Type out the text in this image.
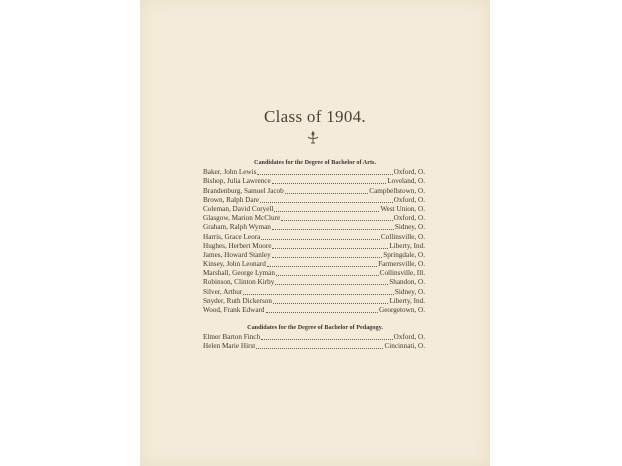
Class of 1904.
Candidates for the Degree of Bachelor of Arts.
Baker, John Lewis	Oxford, O.
Bishop, Julia Lawrence	Loveland, O.
Brandenburg, Samuel Jacob	Campbellstown, O.
Brown, Ralph Dare	Oxford, O.
Coleman, David Coryell	West Union, O.
Glasgow, Marion McClure	Oxford, O.
Graham, Ralph Wyman	Sidney, O.
Harris, Grace Leora	Collinsville, O.
Hughes, Herbert Moore	Liberty, Ind.
James, Howard Stanley	Springdale, O.
Kinsey, John Leonard	Farmersville, O.
Marshall, George Lyman	Collinsville, Ill.
Robinson, Clinton Kirby	Shandon, O.
Silver, Arthur	Sidney, O.
Snyder, Ruth Dickerson	Liberty, Ind.
Wood, Frank Edward	Georgetown, O.
Candidates for the Degree of Bachelor of Pedagogy.
Elmer Barton Finch	Oxford, O.
Helen Marie Hirst	Cincinnati, O.
